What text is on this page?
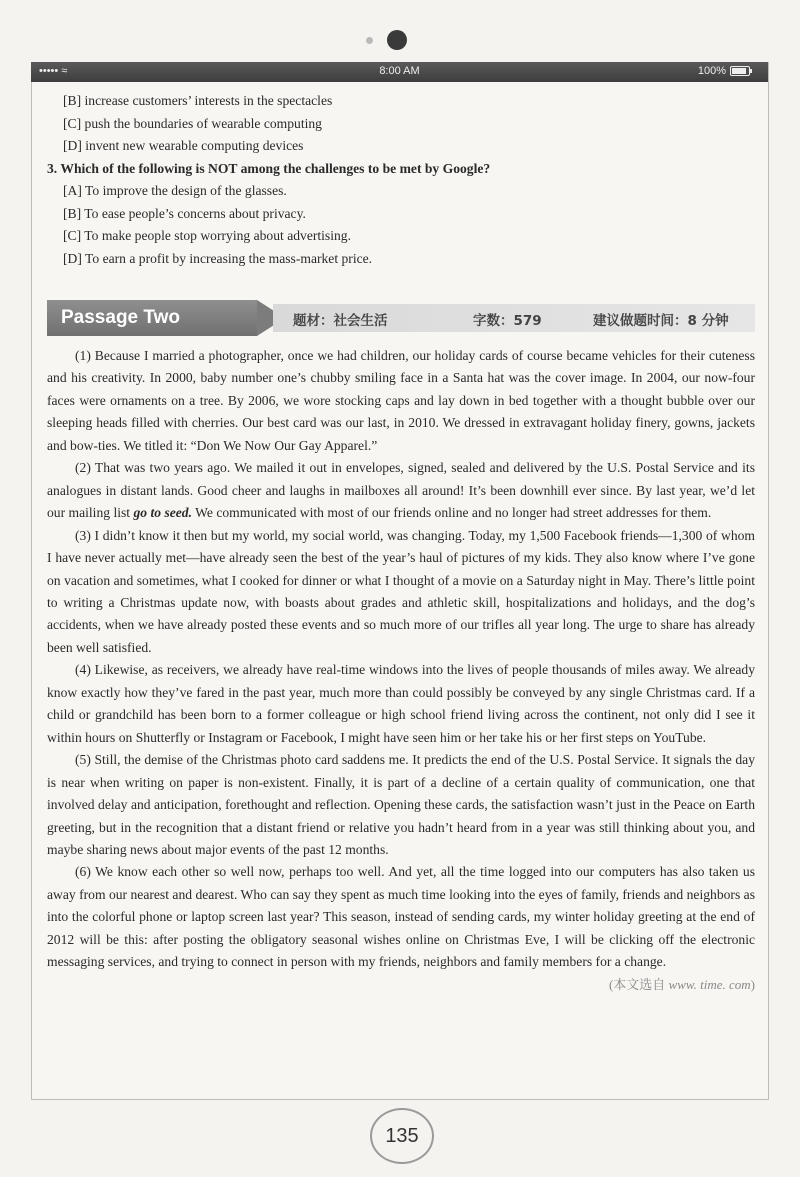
••••• ≈	8:00 AM	100%

[B] increase customers’ interests in the spectacles

[C] push the boundaries of wearable computing

[D] invent new wearable computing devices

3. Which of the following is NOT among the challenges to be met by Google?

[A] To improve the design of the glasses.

[B] To ease people’s concerns about privacy.

[C] To make people stop worrying about advertising.

[D] To earn a profit by increasing the mass-market price.

Passage Two	题材：社会生活	字数：579	建议做题时间：8 分钟

(1) Because I married a photographer, once we had children, our holiday cards of course became vehicles for their cuteness and his creativity. In 2000, baby number one’s chubby smiling face in a Santa hat was the cover image. In 2004, our now-four faces were ornaments on a tree. By 2006, we wore stocking caps and lay down in bed together with a thought bubble over our sleeping heads filled with cherries. Our best card was our last, in 2010. We dressed in extravagant holiday finery, gowns, jackets and bow-ties. We titled it: “Don We Now Our Gay Apparel.”

(2) That was two years ago. We mailed it out in envelopes, signed, sealed and delivered by the U.S. Postal Service and its analogues in distant lands. Good cheer and laughs in mailboxes all around! It’s been downhill ever since. By last year, we’d let our mailing list go to seed. We communicated with most of our friends online and no longer had street addresses for them.

(3) I didn’t know it then but my world, my social world, was changing. Today, my 1,500 Facebook friends—1,300 of whom I have never actually met—have already seen the best of the year’s haul of pictures of my kids. They also know where I’ve gone on vacation and sometimes, what I cooked for dinner or what I thought of a movie on a Saturday night in May. There’s little point to writing a Christmas update now, with boasts about grades and athletic skill, hospitalizations and holidays, and the dog’s accidents, when we have already posted these events and so much more of our trifles all year long. The urge to share has already been well satisfied.

(4) Likewise, as receivers, we already have real-time windows into the lives of people thousands of miles away. We already know exactly how they’ve fared in the past year, much more than could possibly be conveyed by any single Christmas card. If a child or grandchild has been born to a former colleague or high school friend living across the continent, not only did I see it within hours on Shutterfly or Instagram or Facebook, I might have seen him or her take his or her first steps on YouTube.

(5) Still, the demise of the Christmas photo card saddens me. It predicts the end of the U.S. Postal Service. It signals the day is near when writing on paper is non-existent. Finally, it is part of a decline of a certain quality of communication, one that involved delay and anticipation, forethought and reflection. Opening these cards, the satisfaction wasn’t just in the Peace on Earth greeting, but in the recognition that a distant friend or relative you hadn’t heard from in a year was still thinking about you, and maybe sharing news about major events of the past 12 months.

(6) We know each other so well now, perhaps too well. And yet, all the time logged into our computers has also taken us away from our nearest and dearest. Who can say they spent as much time looking into the eyes of family, friends and neighbors as into the colorful phone or laptop screen last year? This season, instead of sending cards, my winter holiday greeting at the end of 2012 will be this: after posting the obligatory seasonal wishes online on Christmas Eve, I will be clicking off the electronic messaging services, and trying to connect in person with my friends, neighbors and family members for a change.
(本文选自 www. time. com)

135
